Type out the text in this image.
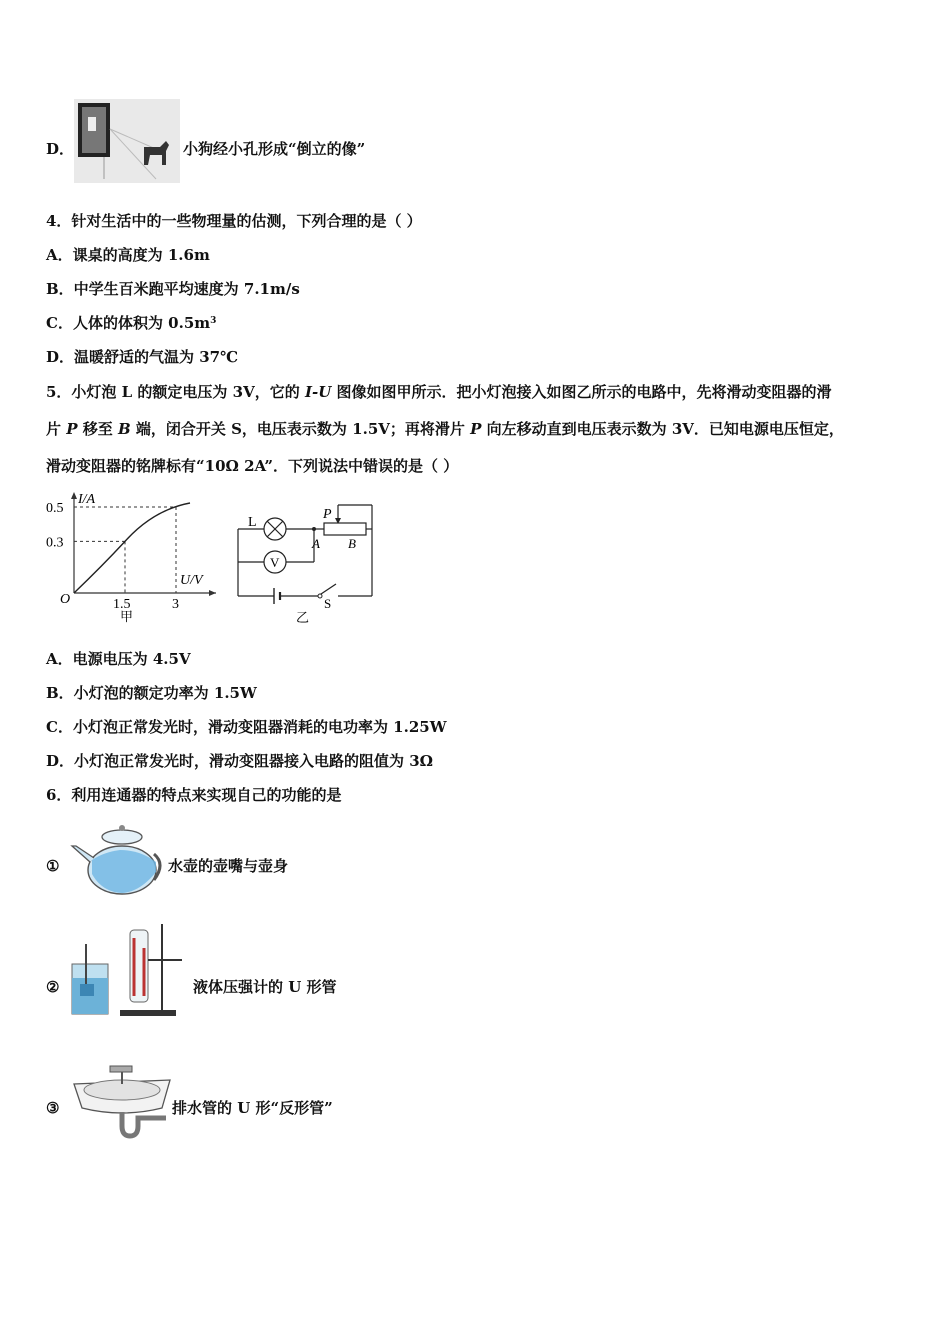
D．	小狗经小孔形成“倒立的像”
4．针对生活中的一些物理量的估测，下列合理的是（ ）
A．课桌的高度为 1.6m
B．中学生百米跑平均速度为 7.1m/s
C．人体的体积为 $0.5m^3$
D．温暖舒适的气温为 37℃
5．小灯泡 L 的额定电压为 3V，它的 I-U 图像如图甲所示．把小灯泡接入如图乙所示的电路中，先将滑动变阻器的滑
片 P 移至 B 端，闭合开关 S，电压表示数为 1.5V；再将滑片 P 向左移动直到电压表示数为 3V．已知电源电压恒定，
滑动变阻器的铭牌标有“10Ω 2A”．下列说法中错误的是（ ）
I/A
U/V
O
0.5
0.3
1.5	3
甲
V
L
P
A B
S
乙
A．电源电压为 4.5V
B．小灯泡的额定功率为 1.5W
C．小灯泡正常发光时，滑动变阻器消耗的电功率为 1.25W
D．小灯泡正常发光时，滑动变阻器接入电路的阻值为 3Ω
6．利用连通器的特点来实现自己的功能的是
①	水壶的壶嘴与壶身
②	液体压强计的 U 形管
③	排水管的 U 形“反形管”
